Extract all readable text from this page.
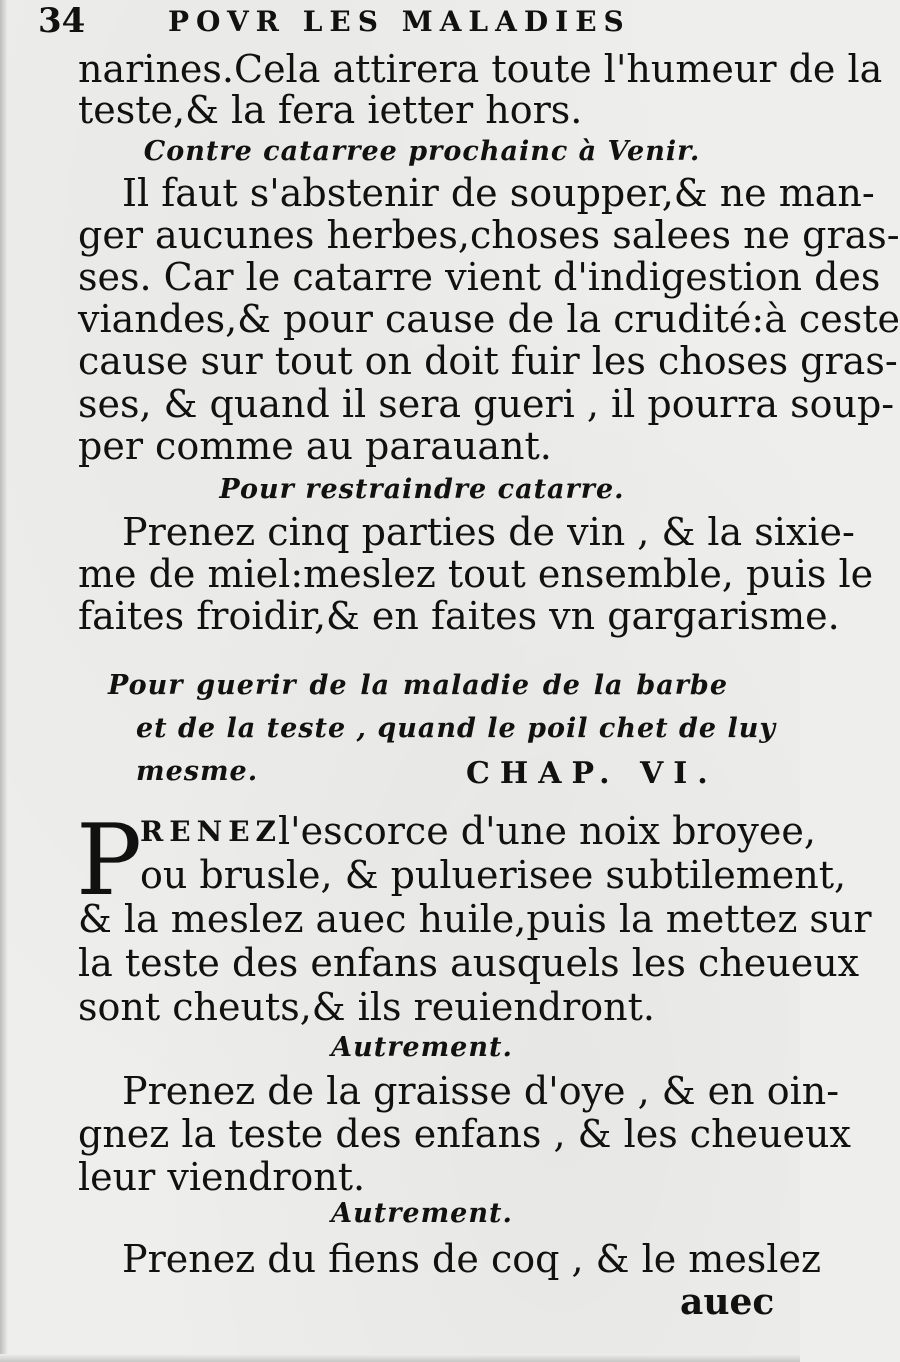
34	POVR LES MALADIES
narines.Cela attirera toute l'humeur de la
teste,& la fera ietter hors.
Contre catarree prochainc à Venir.
Il faut s'abstenir de soupper,& ne man-
ger aucunes herbes,choses salees ne gras-
ses. Car le catarre vient d'indigestion des
viandes,& pour cause de la crudité:à ceste
cause sur tout on doit fuir les choses gras-
ses, & quand il sera gueri , il pourra soup-
per comme au parauant.
Pour restraindre catarre.
Prenez cinq parties de vin , & la sixie-
me de miel:meslez tout ensemble, puis le
faites froidir,& en faites vn gargarisme.
Pour guerir de la maladie de la barbe
et de la teste , quand le poil chet de luy
mesme.	CHAP. VI.
P
RENEZ
l'escorce d'une noix broyee,
ou brusle, & puluerisee subtilement,
& la meslez auec huile,puis la mettez sur
la teste des enfans ausquels les cheueux
sont cheuts,& ils reuiendront.
Autrement.
Prenez de la graisse d'oye , & en oin-
gnez la teste des enfans , & les cheueux
leur viendront.
Autrement.
Prenez du fiens de coq , & le meslez
auec
